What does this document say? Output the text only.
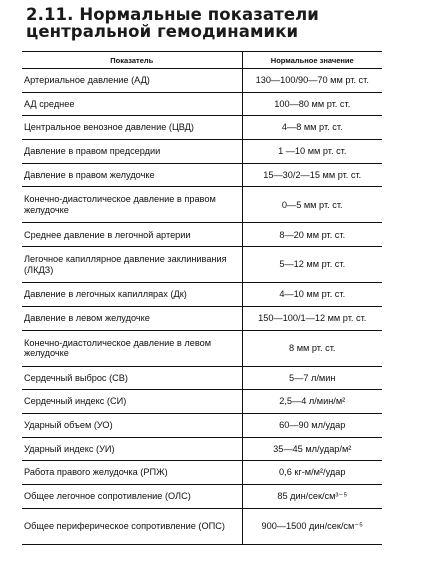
2.11. Нормальные показатели
центральной гемодинамики
Показатель	Нормальное значение
Артериальное давление (АД)	130—100/90—70 мм рт. ст.
АД среднее	100—80 мм рт. ст.
Центральное венозное давление (ЦВД)	4—8 мм рт. ст.
Давление в правом предсердии	1 —10 мм рт. ст.
Давление в правом желудочке	15—30/2—15 мм рт. ст.
Конечно-диастолическое давление в правом желудочке	0—5 мм рт. ст.
Среднее давление в легочной артерии	8—20 мм рт. ст.
Легочное капиллярное давление заклинивания (ЛКДЗ)	5—12 мм рт. ст.
Давление в легочных капиллярах (Дк)	4—10 мм рт. ст.
Давление в левом желудочке	150—100/1—12 мм рт. ст.
Конечно-диастолическое давление в левом желудочке	8 мм рт. ст.
Сердечный выброс (СВ)	5—7 л/мин
Сердечный индекс (СИ)	2,5—4 л/мин/м²
Ударный объем (УО)	60—90 мл/удар
Ударный индекс (УИ)	35—45 мл/удар/м²
Работа правого желудочка (РПЖ)	0,6 кг-м/м²/удар
Общее легочное сопротивление (ОЛС)	85 дин/сек/см³⁻⁵
Общее периферическое сопротивление (ОПС)	900—1500 дин/сек/см⁻⁵
